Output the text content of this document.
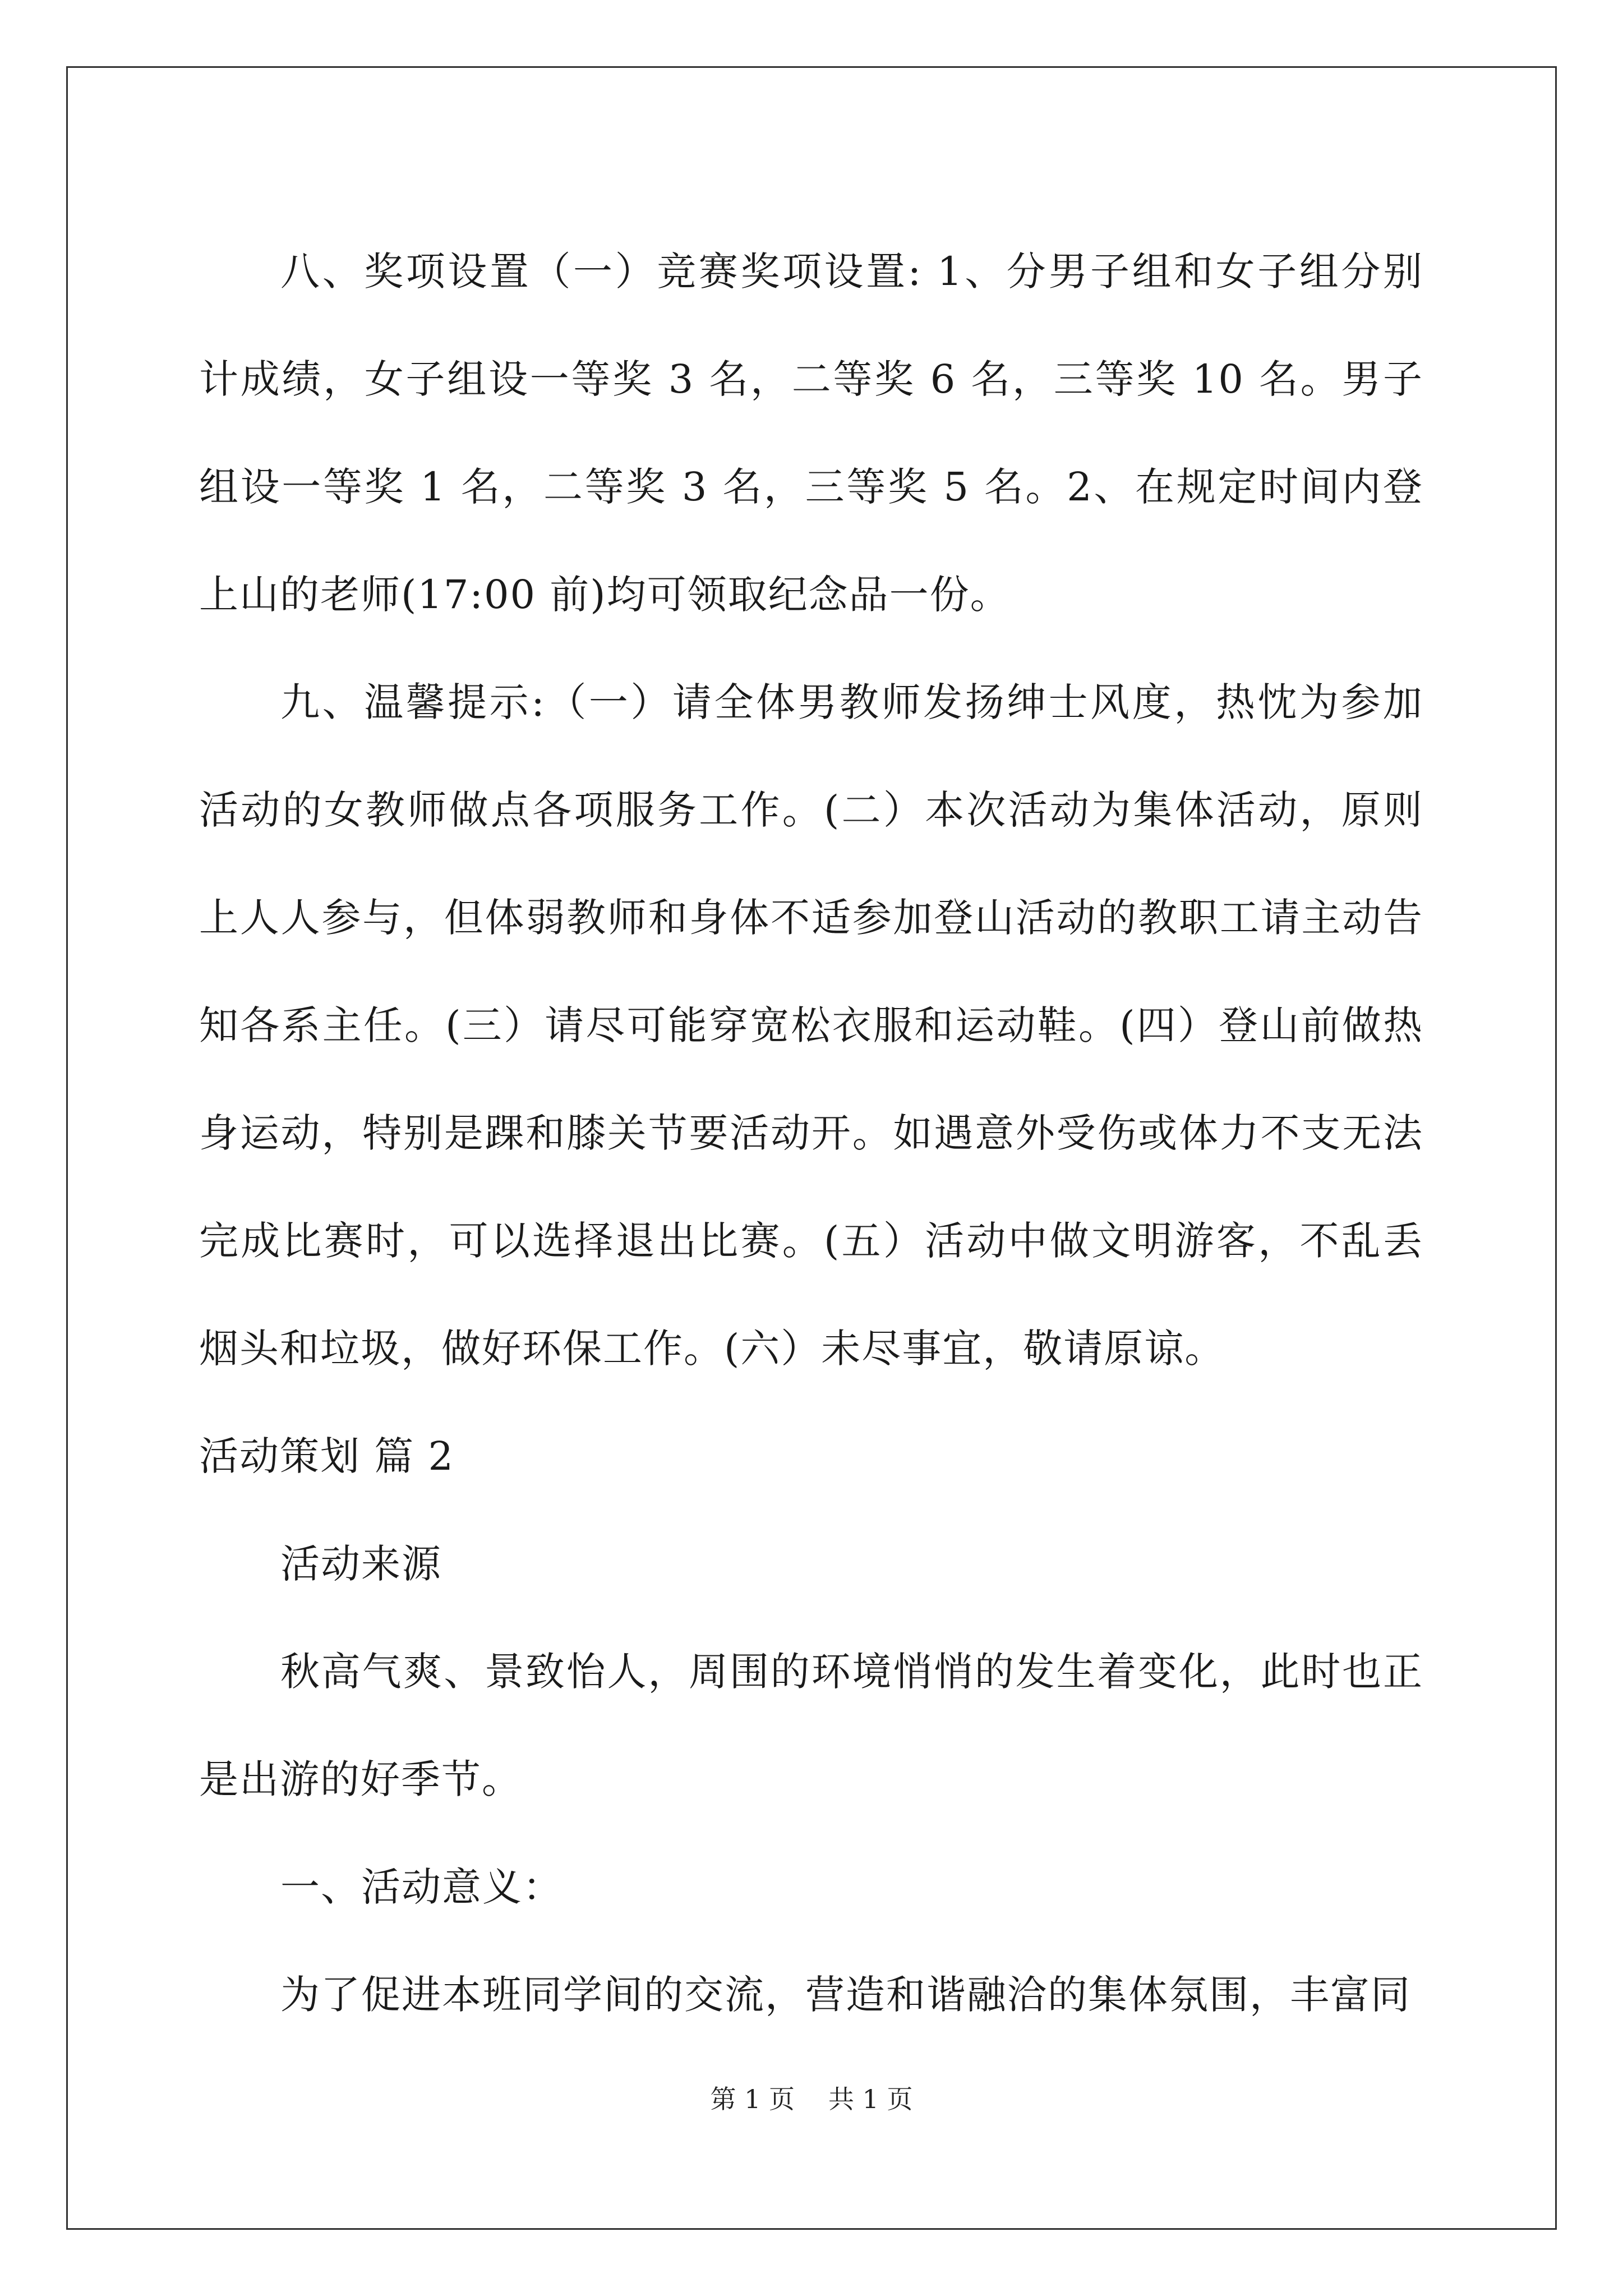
八、奖项设置（一）竞赛奖项设置: 1、分男子组和女子组分别计成绩，女子组设一等奖 3 名，二等奖 6 名，三等奖 10 名。男子组设一等奖 1 名，二等奖 3 名，三等奖 5 名。2、在规定时间内登上山的老师(17:00 前)均可领取纪念品一份。

九、温馨提示:（一）请全体男教师发扬绅士风度，热忱为参加活动的女教师做点各项服务工作。(二）本次活动为集体活动，原则上人人参与，但体弱教师和身体不适参加登山活动的教职工请主动告知各系主任。(三）请尽可能穿宽松衣服和运动鞋。(四）登山前做热身运动，特别是踝和膝关节要活动开。如遇意外受伤或体力不支无法完成比赛时，可以选择退出比赛。(五）活动中做文明游客，不乱丢烟头和垃圾，做好环保工作。(六）未尽事宜，敬请原谅。

活动策划 篇 2

活动来源

秋高气爽、景致怡人，周围的环境悄悄的发生着变化，此时也正是出游的好季节。

一、活动意义：

为了促进本班同学间的交流，营造和谐融洽的集体氛围，丰富同

第 1 页 共 1 页
